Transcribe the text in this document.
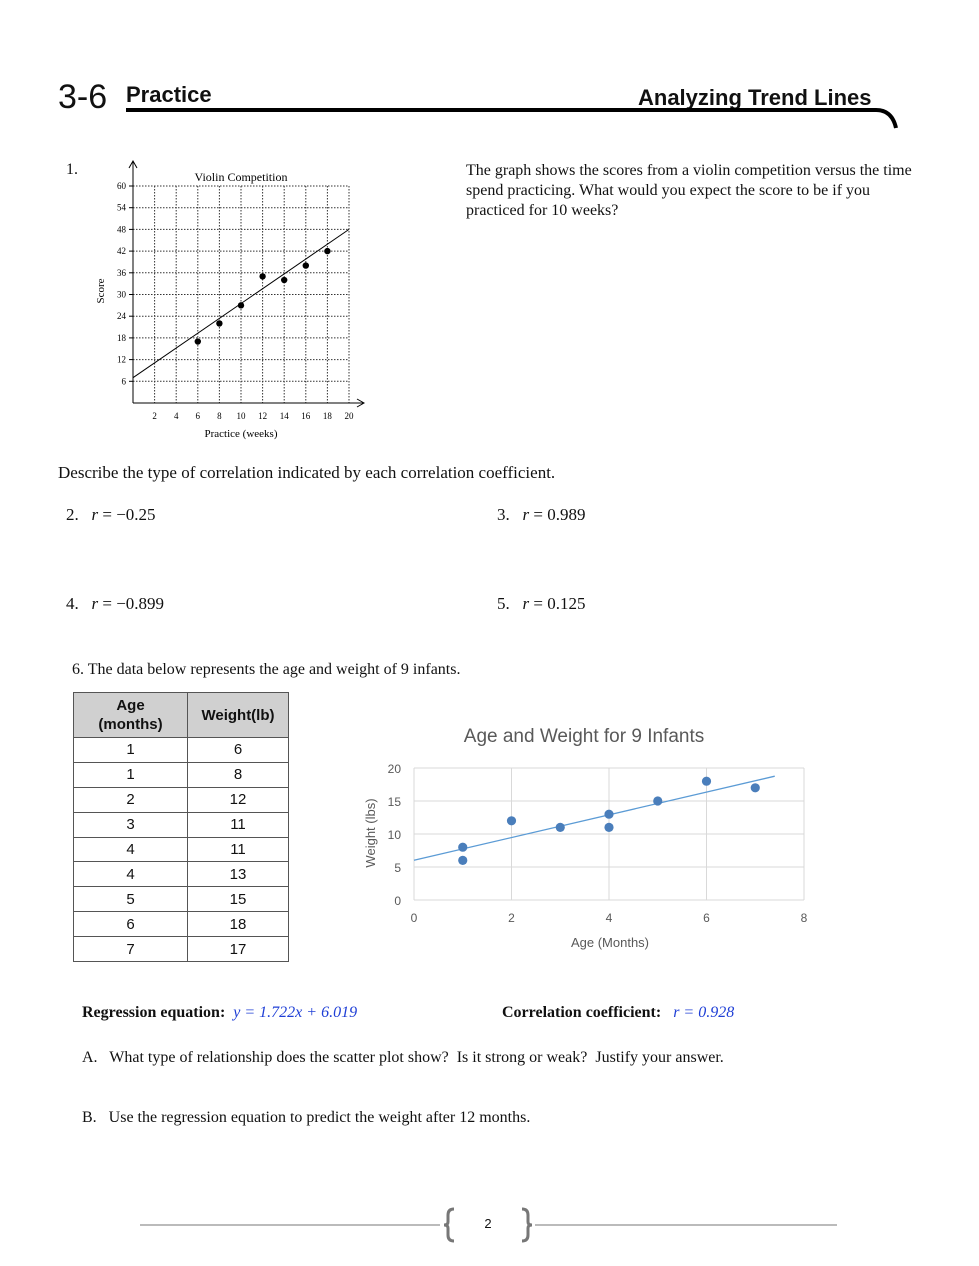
3-6 Practice	Analyzing Trend Lines
1.	The graph shows the scores from a violin competition versus the time spend practicing. What would you expect the score to be if you practiced for 10 weeks?
2 4 6 8 10 12 14 16 18 20
6
12
18
24
30
36
42
48
54
60
Violin Competition
Practice (weeks)
Score
Describe the type of correlation indicated by each correlation coefficient.
2. r = −0.25	3. r = 0.989
4. r = −0.899	5. r = 0.125
6. The data below represents the age and weight of 9 infants.
Age
(months)	Weight(lb)
1	6
1	8
2	12
3	11
4	11
4	13
5	15
6	18
7	17
0
5
10
15
20
0	2	4	6	8
Age and Weight for 9 Infants
Age (Months)
Weight (lbs)
Regression equation: y = 1.722x + 6.019	Correlation coefficient: r = 0.928
A.   What type of relationship does the scatter plot show?  Is it strong or weak?  Justify your answer.
B.   Use the regression equation to predict the weight after 12 months.
2
